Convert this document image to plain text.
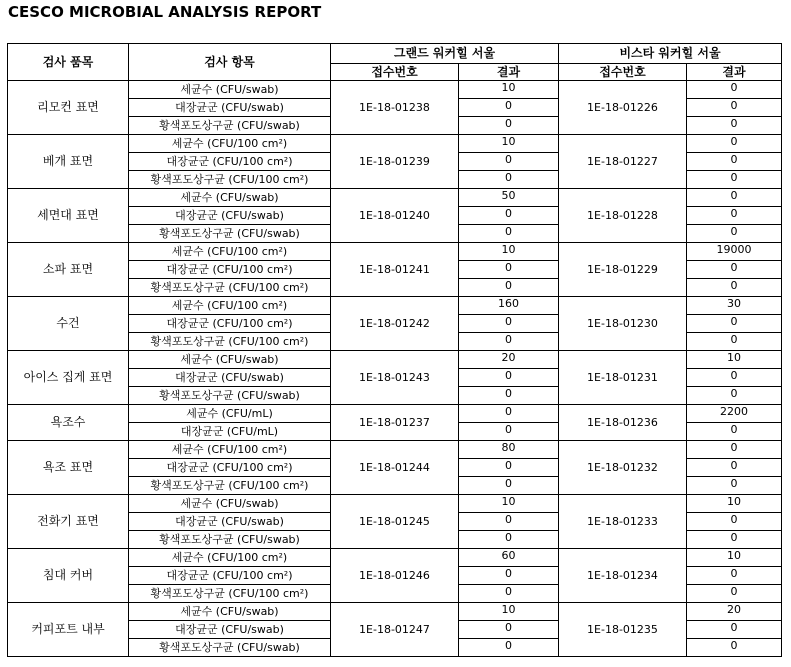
CESCO MICROBIAL ANALYSIS REPORT
검사 품목	검사 항목	그랜드 워커힐 서울		비스타 워커힐 서울	
		접수번호	결과	접수번호	결과
리모컨 표면	세균수 (CFU/swab)	1E-18-01238	10	1E-18-01226	0
	대장균군 (CFU/swab)		0		0
	황색포도상구균 (CFU/swab)		0		0
베개 표면	세균수 (CFU/100 cm²)	1E-18-01239	10	1E-18-01227	0
	대장균군 (CFU/100 cm²)		0		0
	황색포도상구균 (CFU/100 cm²)		0		0
세면대 표면	세균수 (CFU/swab)	1E-18-01240	50	1E-18-01228	0
	대장균군 (CFU/swab)		0		0
	황색포도상구균 (CFU/swab)		0		0
소파 표면	세균수 (CFU/100 cm²)	1E-18-01241	10	1E-18-01229	19000
	대장균군 (CFU/100 cm²)		0		0
	황색포도상구균 (CFU/100 cm²)		0		0
수건	세균수 (CFU/100 cm²)	1E-18-01242	160	1E-18-01230	30
	대장균군 (CFU/100 cm²)		0		0
	황색포도상구균 (CFU/100 cm²)		0		0
아이스 집게 표면	세균수 (CFU/swab)	1E-18-01243	20	1E-18-01231	10
	대장균군 (CFU/swab)		0		0
	황색포도상구균 (CFU/swab)		0		0
욕조수	세균수 (CFU/mL)	1E-18-01237	0	1E-18-01236	2200
	대장균군 (CFU/mL)		0		0
욕조 표면	세균수 (CFU/100 cm²)	1E-18-01244	80	1E-18-01232	0
	대장균군 (CFU/100 cm²)		0		0
	황색포도상구균 (CFU/100 cm²)		0		0
전화기 표면	세균수 (CFU/swab)	1E-18-01245	10	1E-18-01233	10
	대장균군 (CFU/swab)		0		0
	황색포도상구균 (CFU/swab)		0		0
침대 커버	세균수 (CFU/100 cm²)	1E-18-01246	60	1E-18-01234	10
	대장균군 (CFU/100 cm²)		0		0
	황색포도상구균 (CFU/100 cm²)		0		0
커피포트 내부	세균수 (CFU/swab)	1E-18-01247	10	1E-18-01235	20
	대장균군 (CFU/swab)		0		0
	황색포도상구균 (CFU/swab)		0		0
